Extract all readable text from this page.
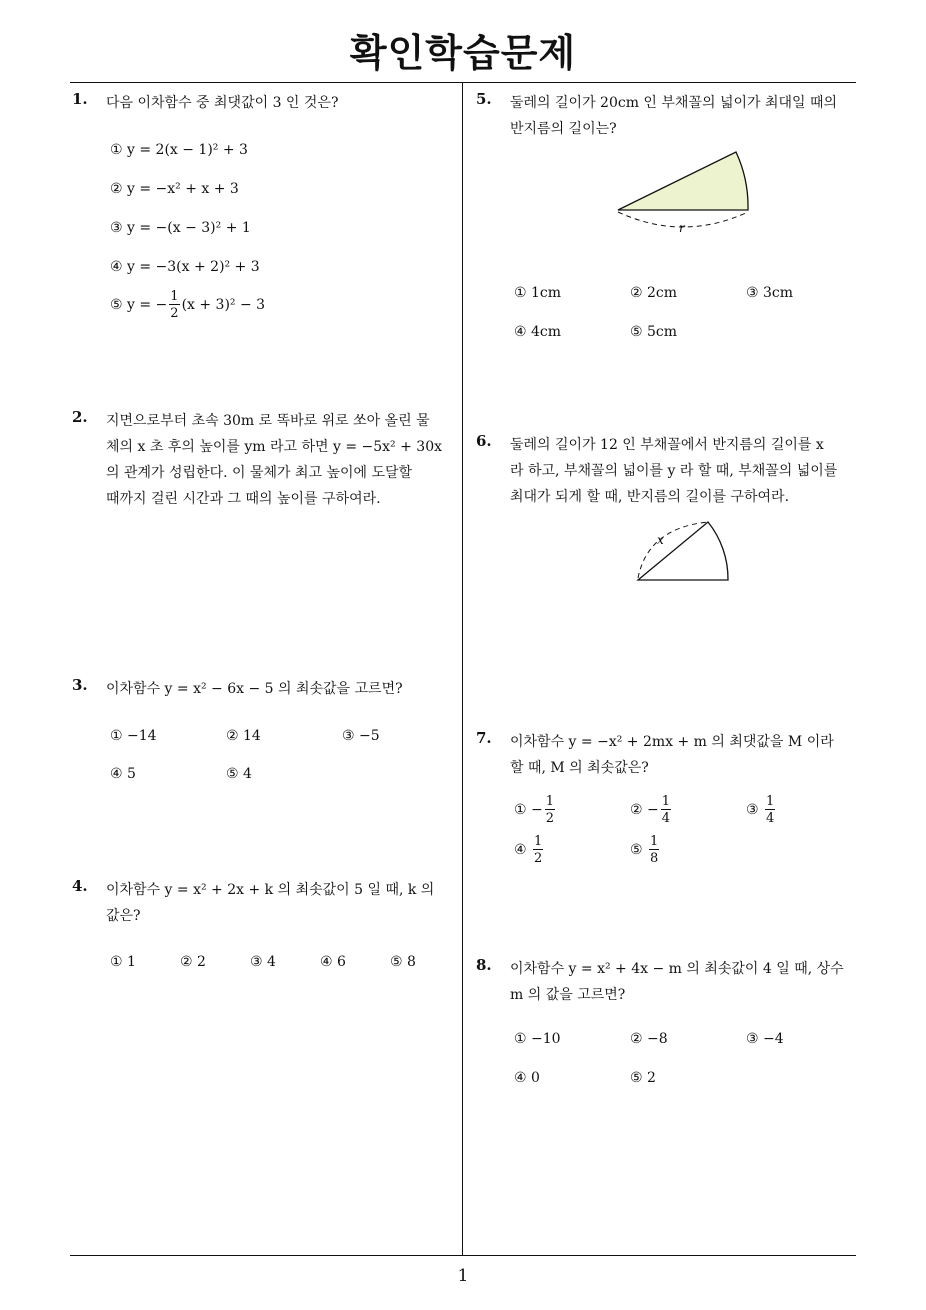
확인학습문제
1
1. 다음 이차함수 중 최댓값이 3 인 것은?
① y = 2(x − 1)² + 3
② y = −x² + x + 3
③ y = −(x − 3)² + 1
④ y = −3(x + 2)² + 3
⑤ y = − $\frac{1}{2} (x + 3)^2 - 3$
2. 지면으로부터 초속 30m 로 똑바로 위로 쏘아 올린 물
체의 x 초 후의 높이를 ym 라고 하면 y = −5x² + 30x
의 관계가 성립한다. 이 물체가 최고 높이에 도달할
때까지 걸린 시간과 그 때의 높이를 구하여라.
3. 이차함수 y = x² − 6x − 5 의 최솟값을 고르면?
① −14	② 14	③ −5
④ 5	⑤ 4
4. 이차함수 y = x² + 2x + k 의 최솟값이 5 일 때, k 의
값은?
① 1	② 2	③ 4	④ 6	⑤ 8
5. 둘레의 길이가 20cm 인 부채꼴의 넓이가 최대일 때의
반지름의 길이는?
r
① 1cm	② 2cm	③ 3cm
④ 4cm	⑤ 5cm
6. 둘레의 길이가 12 인 부채꼴에서 반지름의 길이를 x
라 하고, 부채꼴의 넓이를 y 라 할 때, 부채꼴의 넓이를
최대가 되게 할 때, 반지름의 길이를 구하여라.
x
7. 이차함수 y = −x² + 2mx + m 의 최댓값을 M 이라
할 때, M 의 최솟값은?
① − $\frac{1}{2}$	② − $\frac{1}{4}$	③ $\frac{1}{4}$
④ $\frac{1}{2}$	⑤ $\frac{1}{8}$
8. 이차함수 y = x² + 4x − m 의 최솟값이 4 일 때, 상수
m 의 값을 고르면?
① −10	② −8	③ −4
④ 0	⑤ 2
